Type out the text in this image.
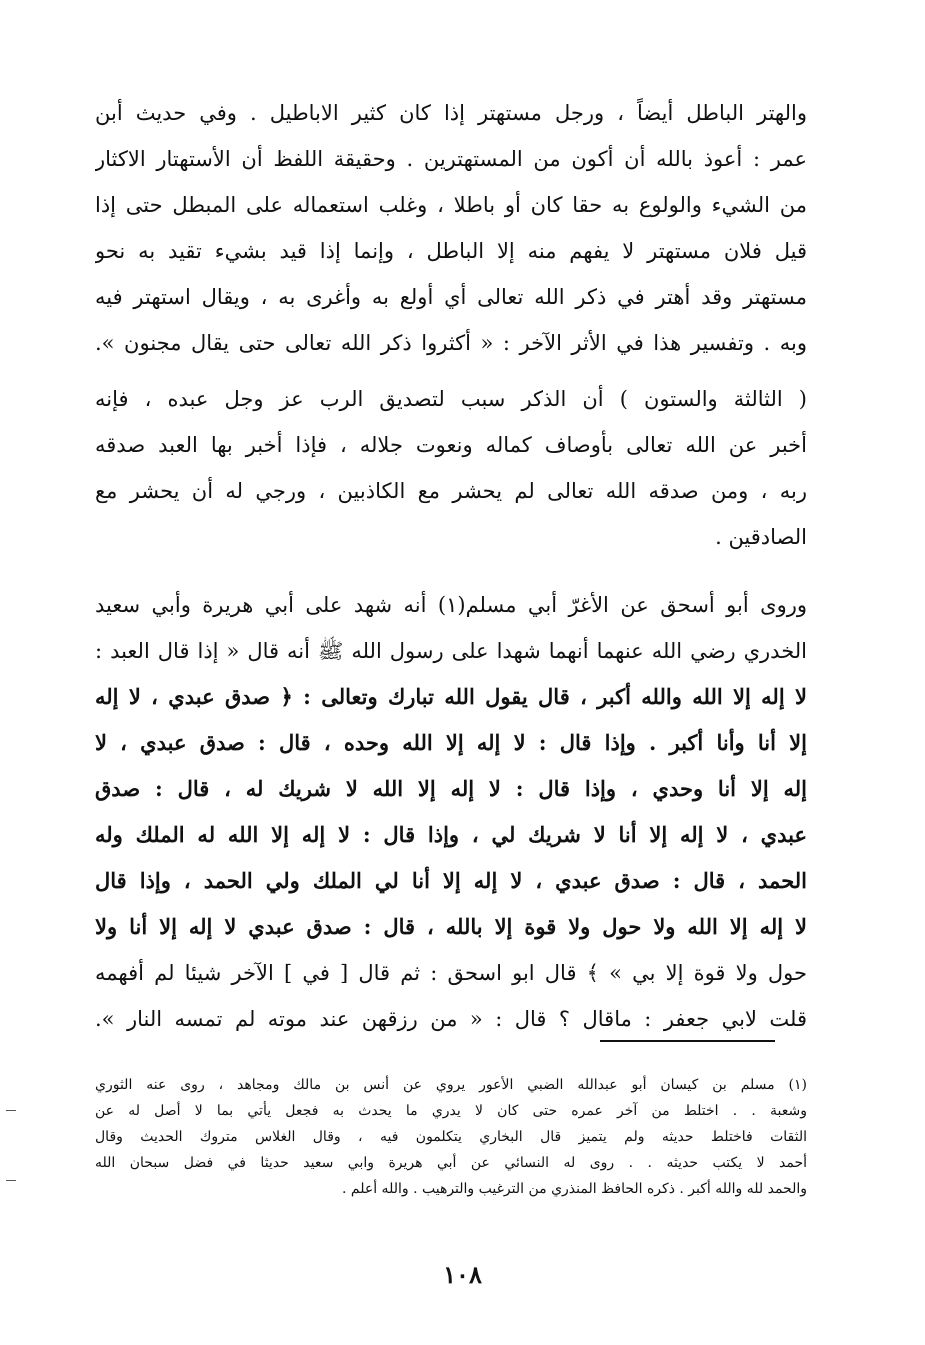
والهتر الباطل أيضاً ، ورجل مستهتر إذا كان كثير الاباطيل . وفي حديث أبن
عمر : أعوذ بالله أن أكون من المستهترين . وحقيقة اللفظ أن الأستهتار الاكثار
من الشيء والولوع به حقا كان أو باطلا ، وغلب استعماله على المبطل حتى إذا
قيل فلان مستهتر لا يفهم منه إلا الباطل ، وإنما إذا قيد بشيء تقيد به نحو
مستهتر وقد أهتر في ذكر الله تعالى أي أولع به وأغرى به ، ويقال استهتر فيه
وبه . وتفسير هذا في الأثر الآخر : « أكثروا ذكر الله تعالى حتى يقال مجنون ».
( الثالثة والستون ) أن الذكر سبب لتصديق الرب عز وجل عبده ، فإنه
أخبر عن الله تعالى بأوصاف كماله ونعوت جلاله ، فإذا أخبر بها العبد صدقه
ربه ، ومن صدقه الله تعالى لم يحشر مع الكاذبين ، ورجي له أن يحشر مع
الصادقين .
وروى أبو أسحق عن الأغرّ أبي مسلم(١) أنه شهد على أبي هريرة وأبي سعيد
الخدري رضي الله عنهما أنهما شهدا على رسول الله ﷺ أنه قال « إذا قال العبد :
لا إله إلا الله والله أكبر ، قال يقول الله تبارك وتعالى : ﴿ صدق عبدي ، لا إله
إلا أنا وأنا أكبر . وإذا قال : لا إله إلا الله وحده ، قال : صدق عبدي ، لا
إله إلا أنا وحدي ، وإذا قال : لا إله إلا الله لا شريك له ، قال : صدق
عبدي ، لا إله إلا أنا لا شريك لي ، وإذا قال : لا إله إلا الله له الملك وله
الحمد ، قال : صدق عبدي ، لا إله إلا أنا لي الملك ولي الحمد ، وإذا قال
لا إله إلا الله ولا حول ولا قوة إلا بالله ، قال : صدق عبدي لا إله إلا أنا ولا
حول ولا قوة إلا بي » ﴾ قال ابو اسحق : ثم قال [ في ] الآخر شيئا لم أفهمه
قلت لابي جعفر : ماقال ؟ قال : « من رزقهن عند موته لم تمسه النار ».
(١) مسلم بن كيسان أبو عبدالله الضبي الأعور يروي عن أنس بن مالك ومجاهد ، روى عنه الثوري
وشعبة . . اختلط من آخر عمره حتى كان لا يدري ما يحدث به فجعل يأتي بما لا أصل له عن
الثقات فاختلط حديثه ولم يتميز قال البخاري يتكلمون فيه ، وقال الغلاس متروك الحديث وقال
أحمد لا يكتب حديثه . . روى له النسائي عن أبي هريرة وابي سعيد حديثا في فضل سبحان الله
والحمد لله والله أكبر . ذكره الحافظ المنذري من الترغيب والترهيب . والله أعلم .
١٠٨
